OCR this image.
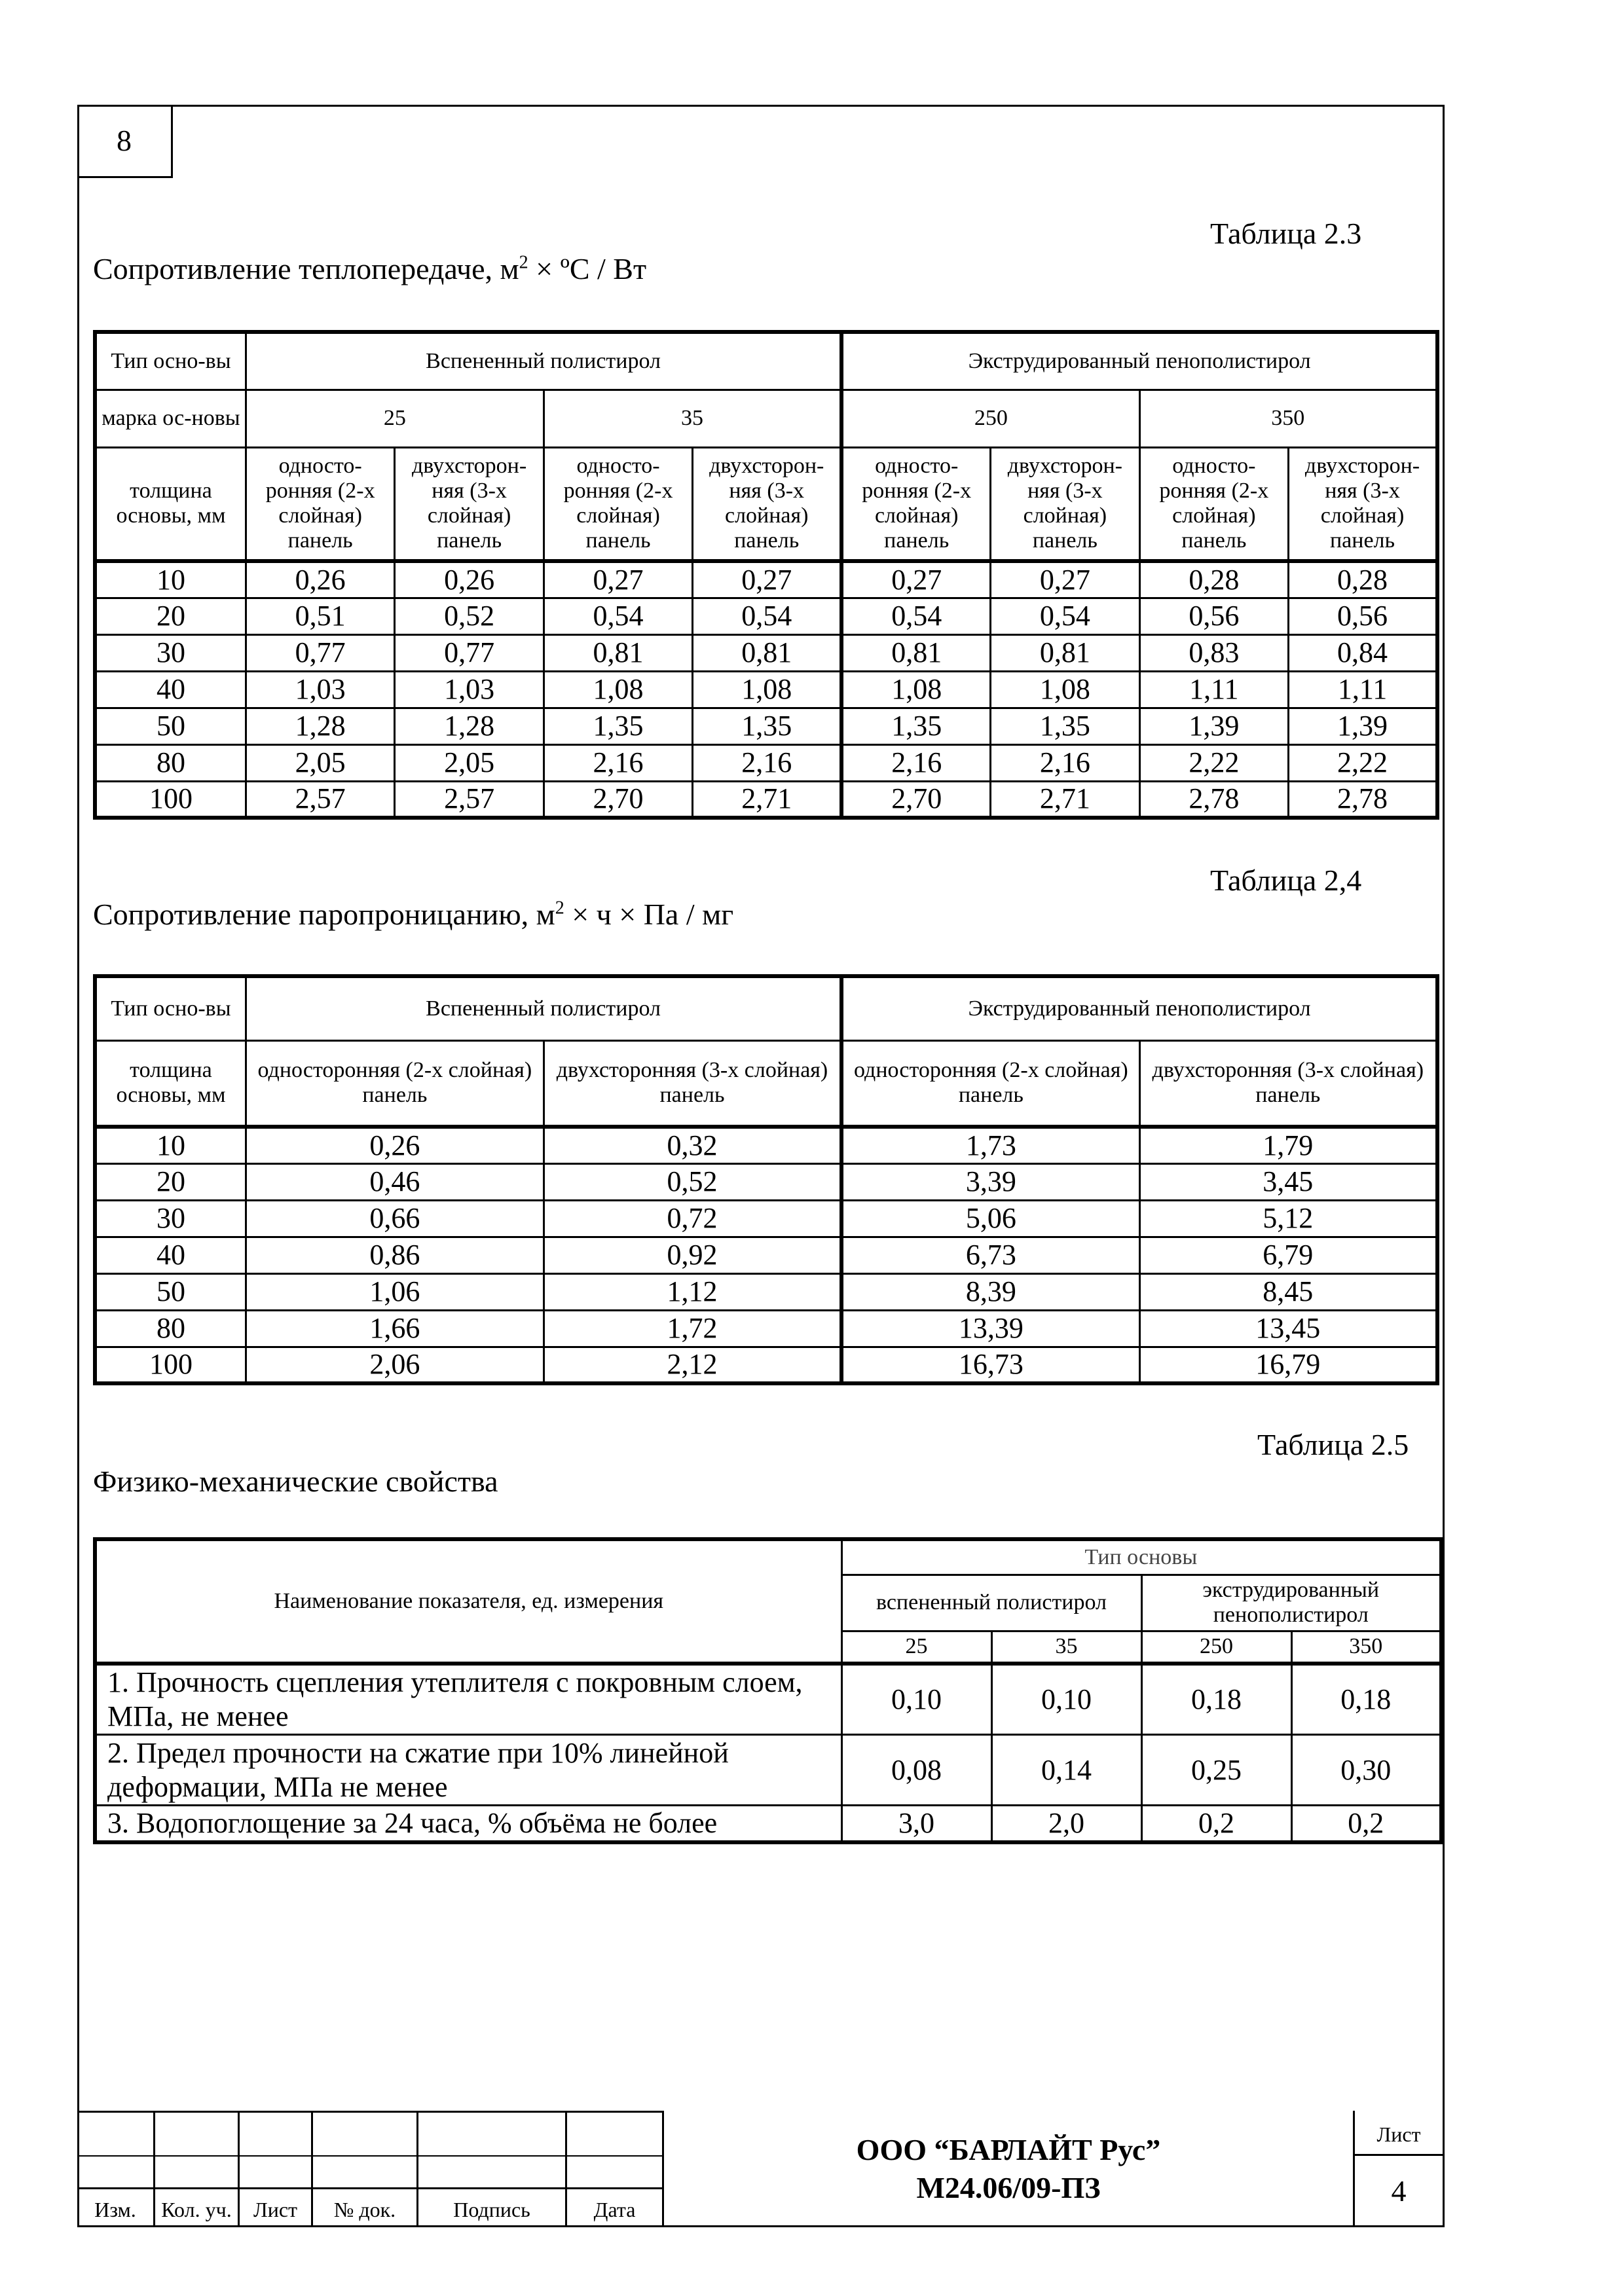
8
Таблица 2.3
Сопротивление теплопередаче, $м^2$ × ºС / Вт
Тип осно-вы	Вспененный полистирол				Экструдированный пенополистирол			
марка ос-новы	25		35		250		350	
толщина основы, мм	односто-ронняя (2-х слойная) панель	двухсторон-няя (3-х слойная) панель	односто-ронняя (2-х слойная) панель	двухсторон-няя (3-х слойная) панель	односто-ронняя (2-х слойная) панель	двухсторон-няя (3-х слойная) панель	односто-ронняя (2-х слойная) панель	двухсторон-няя (3-х слойная) панель
10	0,26	0,26	0,27	0,27	0,27	0,27	0,28	0,28
20	0,51	0,52	0,54	0,54	0,54	0,54	0,56	0,56
30	0,77	0,77	0,81	0,81	0,81	0,81	0,83	0,84
40	1,03	1,03	1,08	1,08	1,08	1,08	1,11	1,11
50	1,28	1,28	1,35	1,35	1,35	1,35	1,39	1,39
80	2,05	2,05	2,16	2,16	2,16	2,16	2,22	2,22
100	2,57	2,57	2,70	2,71	2,70	2,71	2,78	2,78
Таблица 2,4
Сопротивление паропроницанию, $м^2 \times ч$ × Па / мг
Тип осно-вы	Вспененный полистирол		Экструдированный пенополистирол	
толщина основы, мм	односторонняя (2-х слойная) панель	двухсторонняя (3-х слойная) панель	односторонняя (2-х слойная) панель	двухсторонняя (3-х слойная) панель
10	0,26	0,32	1,73	1,79
20	0,46	0,52	3,39	3,45
30	0,66	0,72	5,06	5,12
40	0,86	0,92	6,73	6,79
50	1,06	1,12	8,39	8,45
80	1,66	1,72	13,39	13,45
100	2,06	2,12	16,73	16,79
Таблица 2.5
Физико-механические свойства
Наименование показателя, ед. измерения	Тип основы			
	вспененный полистирол		экструдированный пенополистирол	
	25	35	250	350
1. Прочность сцепления утеплителя с покровным слоем, МПа, не менее	0,10	0,10	0,18	0,18
2. Предел прочности на сжатие при 10% линейной деформации, МПа не менее	0,08	0,14	0,25	0,30
3. Водопоглощение за 24 часа, % объёма не более	3,0	2,0	0,2	0,2
Изм.	Кол. уч.	Лист	№ док.	Подпись	Дата
ООО “БАРЛАЙТ Рус”
М24.06/09-ПЗ
Лист
4
